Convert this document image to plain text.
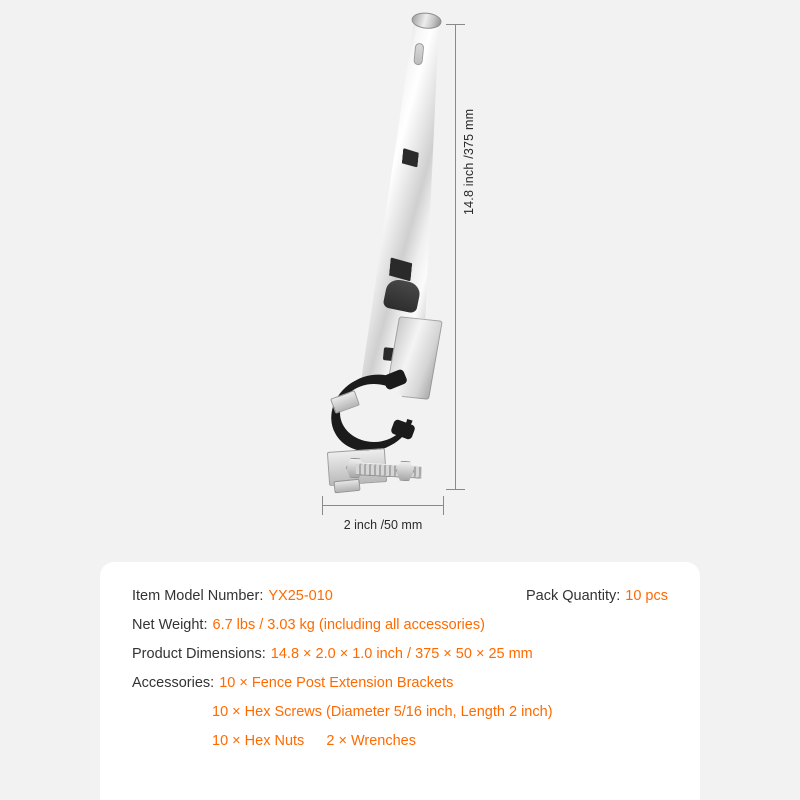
14.8 inch /375 mm
2 inch /50 mm
Item Model Number: YX25-010	Pack Quantity: 10 pcs
Net Weight: 6.7 lbs / 3.03 kg (including all accessories)
Product Dimensions: 14.8 × 2.0 × 1.0 inch / 375 × 50 × 25 mm
Accessories: 10 × Fence Post Extension Brackets
10 × Hex Screws (Diameter 5/16 inch, Length 2 inch)
10 × Hex Nuts 2 × Wrenches
